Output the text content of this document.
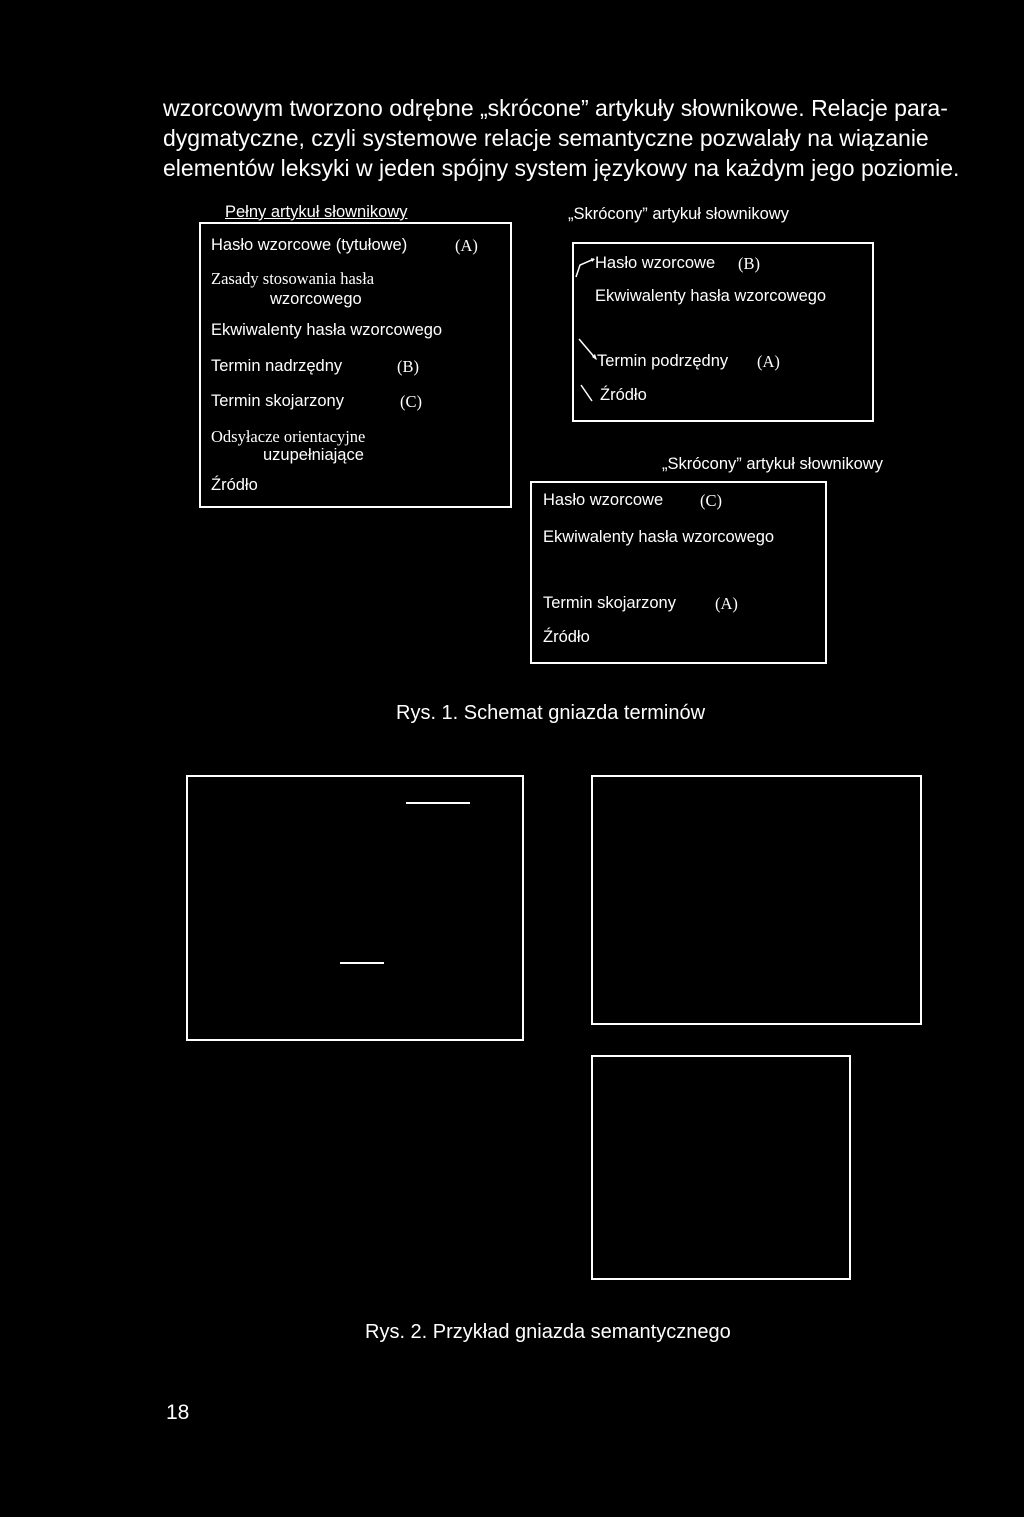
wzorcowym tworzono odrębne „skrócone” artykuły słownikowe. Relacje para-
dygmatyczne, czyli systemowe relacje semantyczne pozwalały na wiązanie
elementów leksyki w jeden spójny system językowy na każdym jego poziomie.

Pełny artykuł słownikowy
Hasło wzorcowe (tytułowe)	(A)
Zasady stosowania hasła
wzorcowego
Ekwiwalenty hasła wzorcowego
Termin nadrzędny	(B)
Termin skojarzony	(C)
Odsyłacze orientacyjne
uzupełniające
Źródło
„Skrócony” artykuł słownikowy
Hasło wzorcowe (B)
Ekwiwalenty hasła wzorcowego
Termin podrzędny (A)
Źródło
„Skrócony” artykuł słownikowy
Hasło wzorcowe (C)
Ekwiwalenty hasła wzorcowego
Termin skojarzony (A)
Źródło
Rys. 1. Schemat gniazda terminów
Rys. 2. Przykład gniazda semantycznego
18
